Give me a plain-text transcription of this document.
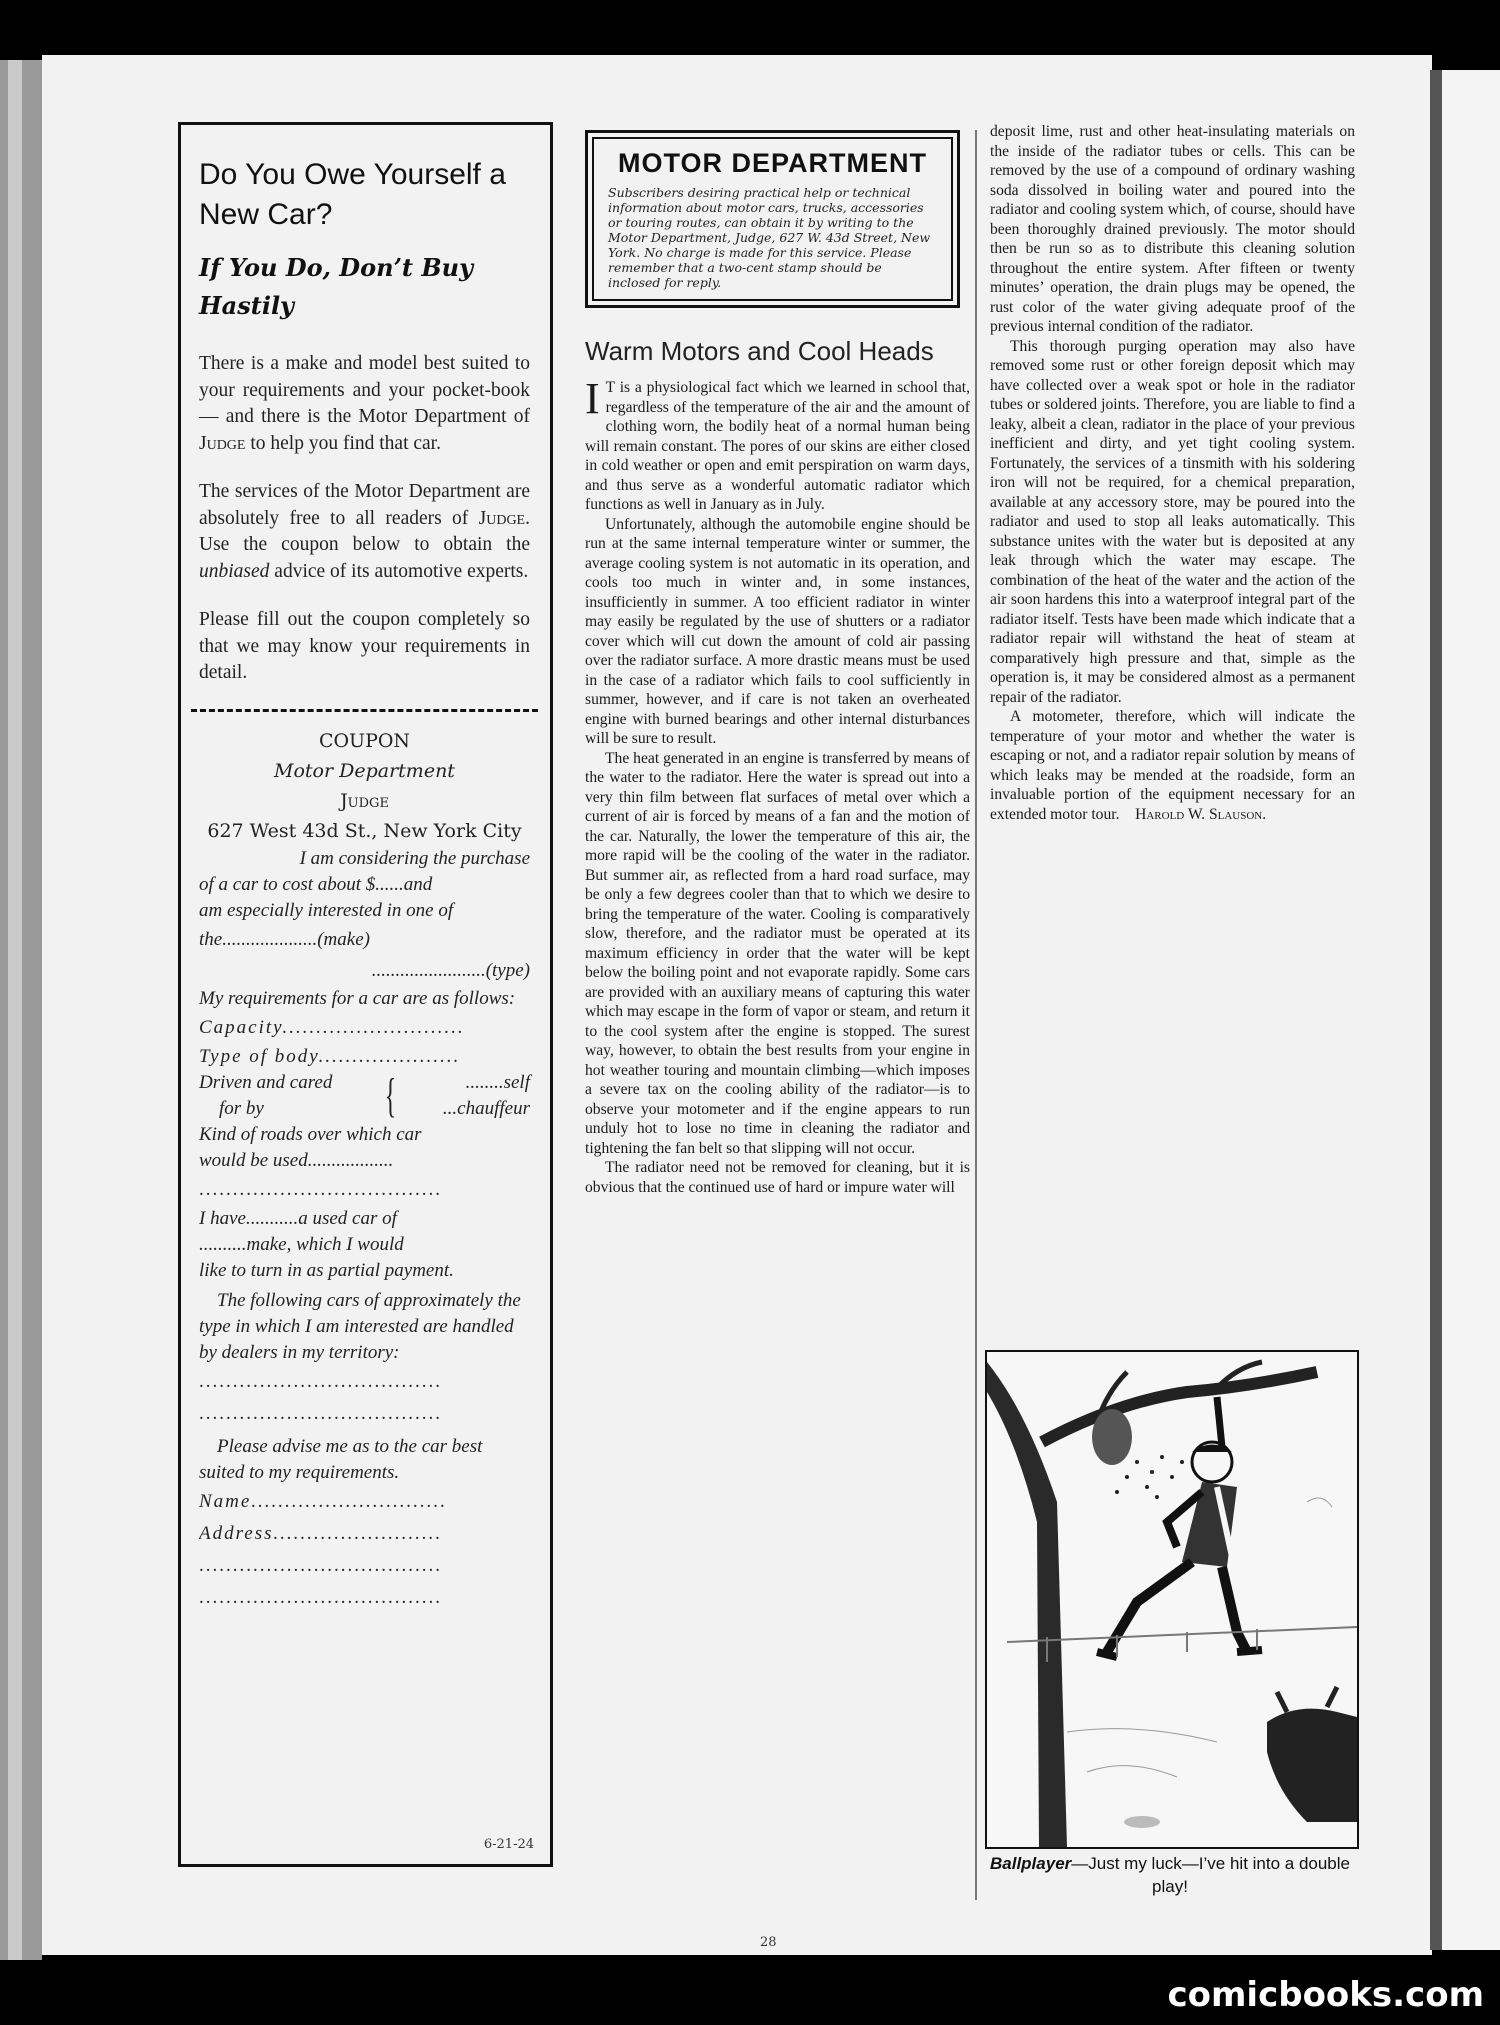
Do You Owe Yourself a New Car?
If You Do, Don’t Buy Hastily

There is a make and model best suited to your requirements and your pocket-book — and there is the Motor Department of Judge to help you find that car.

The services of the Motor Department are absolutely free to all readers of Judge. Use the coupon below to obtain the unbiased advice of its automotive experts.

Please fill out the coupon completely so that we may know your requirements in detail.

COUPON
Motor Department
Judge
627 West 43d St., New York City
I am considering the purchase
of a car to cost about $......and
am especially interested in one of
the....................(make)
........................(type)
My requirements for a car are as follows:
Capacity...........................
Type of body.....................
Driven and cared
for by	{	........self
...chauffeur
Kind of roads over which car
would be used..................
....................................
I have...........a used car of
..........make, which I would
like to turn in as partial payment.
The following cars of approximately the type in which I am interested are handled by dealers in my territory:
....................................
....................................
Please advise me as to the car best suited to my requirements.
Name.............................
Address.........................
....................................
....................................
6-21-24
MOTOR DEPARTMENT
Subscribers desiring practical help or technical information about motor cars, trucks, accessories or touring routes, can obtain it by writing to the Motor Department, Judge, 627 W. 43d Street, New York. No charge is made for this service. Please remember that a two-cent stamp should be inclosed for reply.
Warm Motors and Cool Heads

I T is a physiological fact which we learned in school that, regardless of the temperature of the air and the amount of clothing worn, the bodily heat of a normal human being will remain constant. The pores of our skins are either closed in cold weather or open and emit perspiration on warm days, and thus serve as a wonderful automatic radiator which functions as well in January as in July.

Unfortunately, although the automobile engine should be run at the same internal temperature winter or summer, the average cooling system is not automatic in its operation, and cools too much in winter and, in some instances, insufficiently in summer. A too efficient radiator in winter may easily be regulated by the use of shutters or a radiator cover which will cut down the amount of cold air passing over the radiator surface. A more drastic means must be used in the case of a radiator which fails to cool sufficiently in summer, however, and if care is not taken an overheated engine with burned bearings and other internal disturbances will be sure to result.

The heat generated in an engine is transferred by means of the water to the radiator. Here the water is spread out into a very thin film between flat surfaces of metal over which a current of air is forced by means of a fan and the motion of the car. Naturally, the lower the temperature of this air, the more rapid will be the cooling of the water in the radiator. But summer air, as reflected from a hard road surface, may be only a few degrees cooler than that to which we desire to bring the temperature of the water. Cooling is comparatively slow, therefore, and the radiator must be operated at its maximum efficiency in order that the water will be kept below the boiling point and not evaporate rapidly. Some cars are provided with an auxiliary means of capturing this water which may escape in the form of vapor or steam, and return it to the cool system after the engine is stopped. The surest way, however, to obtain the best results from your engine in hot weather touring and mountain climbing—which imposes a severe tax on the cooling ability of the radiator—is to observe your motometer and if the engine appears to run unduly hot to lose no time in cleaning the radiator and tightening the fan belt so that slipping will not occur.

The radiator need not be removed for cleaning, but it is obvious that the continued use of hard or impure water will

deposit lime, rust and other heat-insulating materials on the inside of the radiator tubes or cells. This can be removed by the use of a compound of ordinary washing soda dissolved in boiling water and poured into the radiator and cooling system which, of course, should have been thoroughly drained previously. The motor should then be run so as to distribute this cleaning solution throughout the entire system. After fifteen or twenty minutes’ operation, the drain plugs may be opened, the rust color of the water giving adequate proof of the previous internal condition of the radiator.

This thorough purging operation may also have removed some rust or other foreign deposit which may have collected over a weak spot or hole in the radiator tubes or soldered joints. Therefore, you are liable to find a leaky, albeit a clean, radiator in the place of your previous inefficient and dirty, and yet tight cooling system. Fortunately, the services of a tinsmith with his soldering iron will not be required, for a chemical preparation, available at any accessory store, may be poured into the radiator and used to stop all leaks automatically. This substance unites with the water but is deposited at any leak through which the water may escape. The combination of the heat of the water and the action of the air soon hardens this into a waterproof integral part of the radiator itself. Tests have been made which indicate that a radiator repair will withstand the heat of steam at comparatively high pressure and that, simple as the operation is, it may be considered almost as a permanent repair of the radiator.

A motometer, therefore, which will indicate the temperature of your motor and whether the water is escaping or not, and a radiator repair solution by means of which leaks may be mended at the roadside, form an invaluable portion of the equipment necessary for an extended motor tour. Harold W. Slauson.

Ballplayer—Just my luck—I’ve hit into a double play!
28
comicbooks.com
